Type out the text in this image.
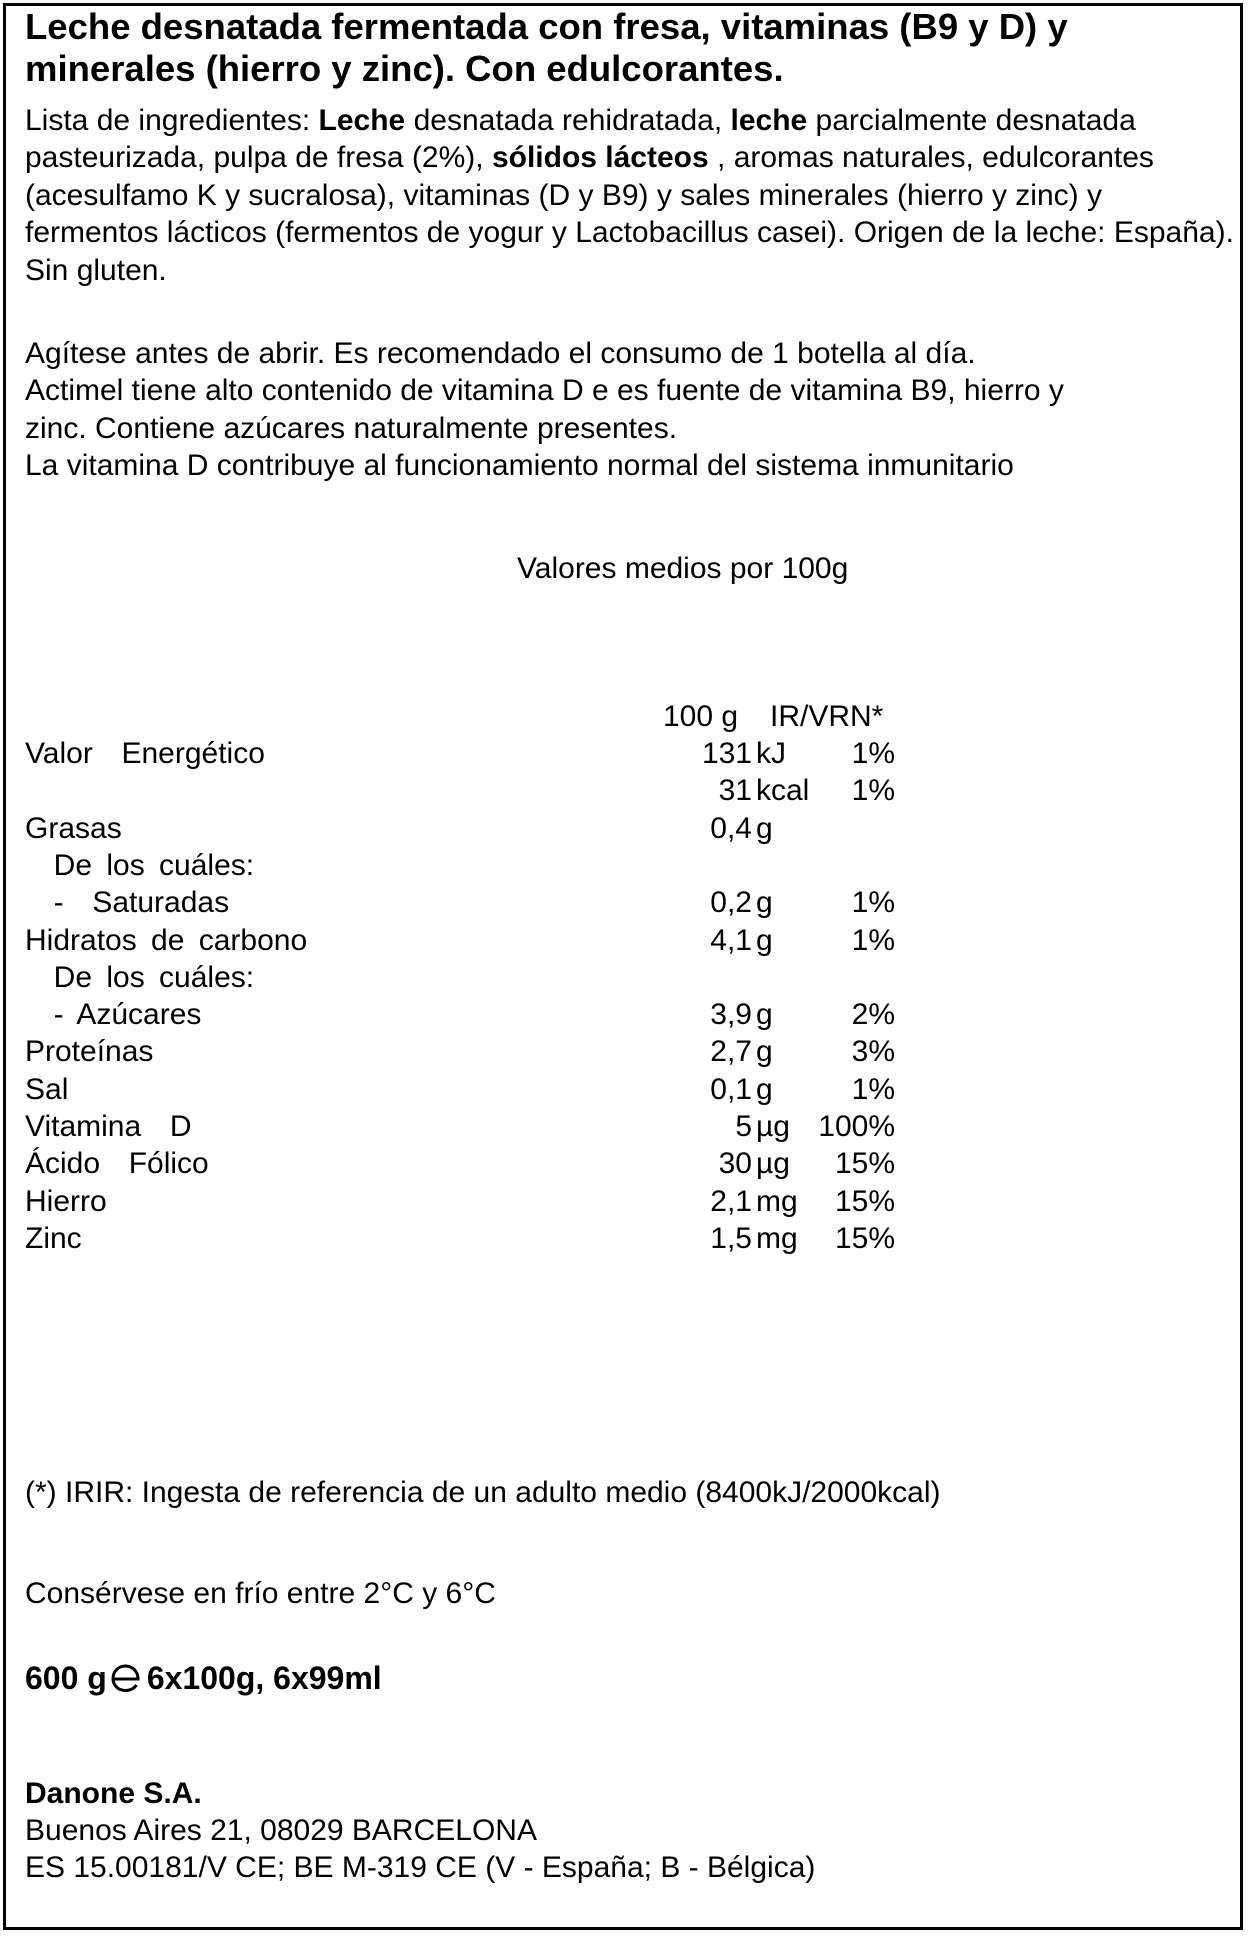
Leche desnatada fermentada con fresa, vitaminas (B9 y D) y
minerales (hierro y zinc). Con edulcorantes.
Lista de ingredientes: Leche desnatada rehidratada, leche parcialmente desnatada pasteurizada, pulpa de fresa (2%), sólidos lácteos , aromas naturales, edulcorantes (acesulfamo K y sucralosa), vitaminas (D y B9) y sales minerales (hierro y zinc) y fermentos lácticos (fermentos de yogur y Lactobacillus casei). Origen de la leche: España). Sin gluten.
Agítese antes de abrir. Es recomendado el consumo de 1 botella al día.
Actimel tiene alto contenido de vitamina D e es fuente de vitamina B9, hierro y
zinc. Contiene azúcares naturalmente presentes.
La vitamina D contribuye al funcionamiento normal del sistema inmunitario
Valores medios por 100g
100 g IR/VRN*
Valor  Energético	131 kJ 1%
31 kcal 1%
Grasas	0,4 g
De los cuáles:
-  Saturadas	0,2 g	1%
Hidratos de carbono	4,1 g	1%
De los cuáles:
- Azúcares	3,9 g	2%
Proteínas	2,7 g	3%
Sal	0,1 g	1%
Vitamina  D	5 µg 100%
Ácido  Fólico	30 µg 15%
Hierro	2,1 mg 15%
Zinc	1,5 mg 15%
(*) IRIR: Ingesta de referencia de un adulto medio (8400kJ/2000kcal)
Consérvese en frío entre 2°C y 6°C
600 g 6x100g, 6x99ml
Danone S.A.
Buenos Aires 21, 08029 BARCELONA
ES 15.00181/V CE; BE M-319 CE (V - España; B - Bélgica)
